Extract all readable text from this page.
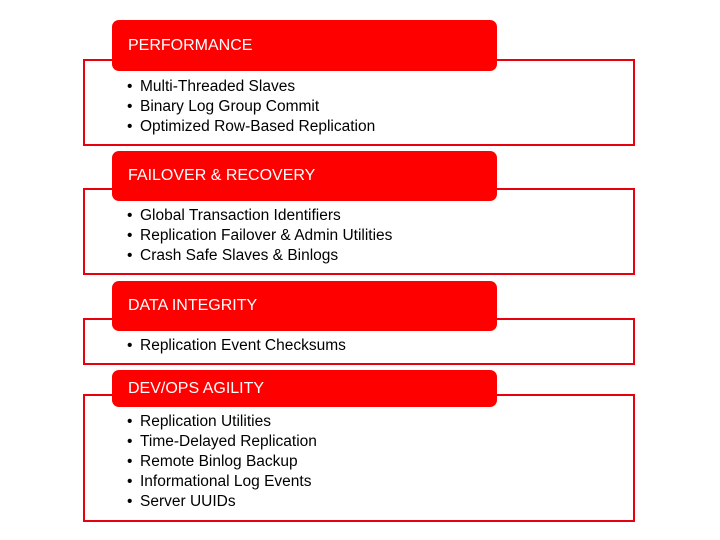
PERFORMANCE
• Multi-Threaded Slaves
• Binary Log Group Commit
• Optimized Row-Based Replication
FAILOVER & RECOVERY
• Global Transaction Identifiers
• Replication Failover & Admin Utilities
• Crash Safe Slaves & Binlogs
DATA INTEGRITY
• Replication Event Checksums
DEV/OPS AGILITY
• Replication Utilities
• Time-Delayed Replication
• Remote Binlog Backup
• Informational Log Events
• Server UUIDs
